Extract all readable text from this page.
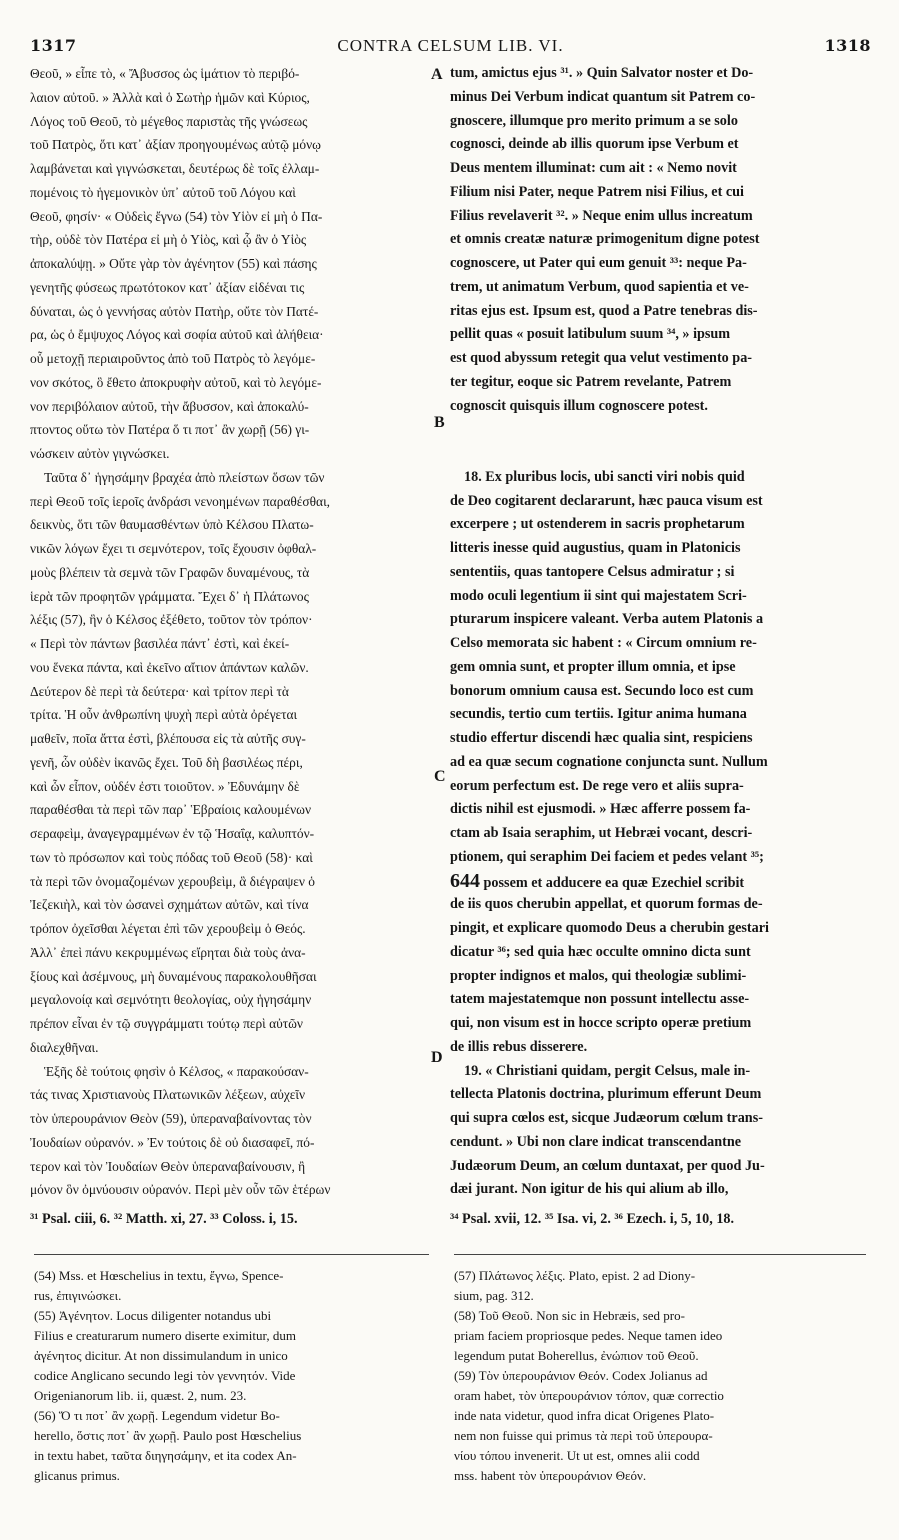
1317	CONTRA CELSUM LIB. VI.	1318
Θεοῦ, » εἶπε τὸ, « Ἄβυσσος ὡς ἱμάτιον τὸ περιβό-
λαιον αὐτοῦ. » Ἀλλὰ καὶ ὁ Σωτὴρ ἡμῶν καὶ Κύριος,
Λόγος τοῦ Θεοῦ, τὸ μέγεθος παριστὰς τῆς γνώσεως
τοῦ Πατρὸς, ὅτι κατ᾽ ἀξίαν προηγουμένως αὐτῷ μόνῳ
λαμβάνεται καὶ γιγνώσκεται, δευτέρως δὲ τοῖς ἐλλαμ-
πομένοις τὸ ἡγεμονικὸν ὑπ᾽ αὐτοῦ τοῦ Λόγου καὶ
Θεοῦ, φησίν· « Οὐδεὶς ἔγνω (54) τὸν Υἱὸν εἰ μὴ ὁ Πα-
τὴρ, οὐδὲ τὸν Πατέρα εἰ μὴ ὁ Υἱὸς, καὶ ᾧ ἂν ὁ Υἱὸς
ἀποκαλύψῃ. » Οὔτε γὰρ τὸν ἀγένητον (55) καὶ πάσης
γενητῆς φύσεως πρωτότοκον κατ᾽ ἀξίαν εἰδέναι τις
δύναται, ὡς ὁ γεννήσας αὐτὸν Πατὴρ, οὔτε τὸν Πατέ-
ρα, ὡς ὁ ἔμψυχος Λόγος καὶ σοφία αὐτοῦ καὶ ἀλήθεια·
οὗ μετοχῇ περιαιροῦντος ἀπὸ τοῦ Πατρὸς τὸ λεγόμε-
νον σκότος, ὃ ἔθετο ἀποκρυφὴν αὐτοῦ, καὶ τὸ λεγόμε-
νον περιβόλαιον αὐτοῦ, τὴν ἄβυσσον, καὶ ἀποκαλύ-
πτοντος οὕτω τὸν Πατέρα ὅ τι ποτ᾽ ἂν χωρῇ (56) γι-
νώσκειν αὐτὸν γιγνώσκει.
Ταῦτα δ᾽ ἡγησάμην βραχέα ἀπὸ πλείστων ὅσων τῶν
περὶ Θεοῦ τοῖς ἱεροῖς ἀνδράσι νενοημένων παραθέσθαι,
δεικνὺς, ὅτι τῶν θαυμασθέντων ὑπὸ Κέλσου Πλατω-
νικῶν λόγων ἔχει τι σεμνότερον, τοῖς ἔχουσιν ὀφθαλ-
μοὺς βλέπειν τὰ σεμνὰ τῶν Γραφῶν δυναμένους, τὰ
ἱερὰ τῶν προφητῶν γράμματα. Ἔχει δ᾽ ἡ Πλάτωνος
λέξις (57), ἣν ὁ Κέλσος ἐξέθετο, τοῦτον τὸν τρόπον·
« Περὶ τὸν πάντων βασιλέα πάντ᾽ ἐστὶ, καὶ ἐκεί-
νου ἕνεκα πάντα, καὶ ἐκεῖνο αἴτιον ἁπάντων καλῶν.
Δεύτερον δὲ περὶ τὰ δεύτερα· καὶ τρίτον περὶ τὰ
τρίτα. Ἡ οὖν ἀνθρωπίνη ψυχὴ περὶ αὐτὰ ὀρέγεται
μαθεῖν, ποῖα ἄττα ἐστὶ, βλέπουσα εἰς τὰ αὐτῆς συγ-
γενῆ, ὧν οὐδὲν ἱκανῶς ἔχει. Τοῦ δὴ βασιλέως πέρι,
καὶ ὧν εἶπον, οὐδέν ἐστι τοιοῦτον. » Ἐδυνάμην δὲ
παραθέσθαι τὰ περὶ τῶν παρ᾽ Ἑβραίοις καλουμένων
σεραφεὶμ, ἀναγεγραμμένων ἐν τῷ Ἡσαΐᾳ, καλυπτόν-
των τὸ πρόσωπον καὶ τοὺς πόδας τοῦ Θεοῦ (58)· καὶ
τὰ περὶ τῶν ὀνομαζομένων χερουβεὶμ, ἃ διέγραψεν ὁ
Ἰεζεκιὴλ, καὶ τὸν ὡσανεὶ σχημάτων αὐτῶν, καὶ τίνα
τρόπον ὀχεῖσθαι λέγεται ἐπὶ τῶν χερουβεὶμ ὁ Θεός.
Ἀλλ᾽ ἐπεὶ πάνυ κεκρυμμένως εἴρηται διὰ τοὺς ἀνα-
ξίους καὶ ἀσέμνους, μὴ δυναμένους παρακολουθῆσαι
μεγαλονοίᾳ καὶ σεμνότητι θεολογίας, οὐχ ἡγησάμην
πρέπον εἶναι ἐν τῷ συγγράμματι τούτῳ περὶ αὐτῶν
διαλεχθῆναι.
Ἑξῆς δὲ τούτοις φησὶν ὁ Κέλσος, « παρακούσαν-
τάς τινας Χριστιανοὺς Πλατωνικῶν λέξεων, αὐχεῖν
τὸν ὑπερουράνιον Θεὸν (59), ὑπεραναβαίνοντας τὸν
Ἰουδαίων οὐρανόν. » Ἐν τούτοις δὲ οὐ διασαφεῖ, πό-
τερον καὶ τὸν Ἰουδαίων Θεὸν ὑπεραναβαίνουσιν, ἢ
μόνον ὃν ὀμνύουσιν οὐρανόν. Περὶ μὲν οὖν τῶν ἑτέρων
tum, amictus ejus ³¹. » Quin Salvator noster et Do-
minus Dei Verbum indicat quantum sit Patrem co-
gnoscere, illumque pro merito primum a se solo
cognosci, deinde ab illis quorum ipse Verbum et
Deus mentem illuminat: cum ait : « Nemo novit
Filium nisi Pater, neque Patrem nisi Filius, et cui
Filius revelaverit ³². » Neque enim ullus increatum
et omnis creatæ naturæ primogenitum digne potest
cognoscere, ut Pater qui eum genuit ³³: neque Pa-
trem, ut animatum Verbum, quod sapientia et ve-
ritas ejus est. Ipsum est, quod a Patre tenebras dis-
pellit quas « posuit latibulum suum ³⁴, » ipsum
est quod abyssum retegit qua velut vestimento pa-
ter tegitur, eoque sic Patrem revelante, Patrem
cognoscit quisquis illum cognoscere potest.
18. Ex pluribus locis, ubi sancti viri nobis quid
de Deo cogitarent declararunt, hæc pauca visum est
excerpere ; ut ostenderem in sacris prophetarum
litteris inesse quid augustius, quam in Platonicis
sententiis, quas tantopere Celsus admiratur ; si
modo oculi legentium ii sint qui majestatem Scri-
pturarum inspicere valeant. Verba autem Platonis a
Celso memorata sic habent : « Circum omnium re-
gem omnia sunt, et propter illum omnia, et ipse
bonorum omnium causa est. Secundo loco est cum
secundis, tertio cum tertiis. Igitur anima humana
studio effertur discendi hæc qualia sint, respiciens
ad ea quæ secum cognatione conjuncta sunt. Nullum
eorum perfectum est. De rege vero et aliis supra-
dictis nihil est ejusmodi. » Hæc afferre possem fa-
ctam ab Isaia seraphim, ut Hebræi vocant, descri-
ptionem, qui seraphim Dei faciem et pedes velant ³⁵;
644 possem et adducere ea quæ Ezechiel scribit
de iis quos cherubin appellat, et quorum formas de-
pingit, et explicare quomodo Deus a cherubin gestari
dicatur ³⁶; sed quia hæc occulte omnino dicta sunt
propter indignos et malos, qui theologiæ sublimi-
tatem majestatemque non possunt intellectu asse-
qui, non visum est in hocce scripto operæ pretium
de illis rebus disserere.
19. « Christiani quidam, pergit Celsus, male in-
tellecta Platonis doctrina, plurimum efferunt Deum
qui supra cœlos est, sicque Judæorum cœlum trans-
cendunt. » Ubi non clare indicat transcendantne
Judæorum Deum, an cœlum duntaxat, per quod Ju-
dæi jurant. Non igitur de his qui alium ab illo,
A
B
C
D
³¹ Psal. ciii, 6. ³² Matth. xi, 27. ³³ Coloss. i, 15.	³⁴ Psal. xvii, 12. ³⁵ Isa. vi, 2. ³⁶ Ezech. i, 5, 10, 18.
(54) Mss. et Hœschelius in textu, ἔγνω, Spence-
rus, ἐπιγινώσκει.
(55) Ἀγένητον. Locus diligenter notandus ubi
Filius e creaturarum numero diserte eximitur, dum
ἀγένητος dicitur. At non dissimulandum in unico
codice Anglicano secundo legi τὸν γεννητόν. Vide
Origenianorum lib. ii, quæst. 2, num. 23.
(56) Ὅ τι ποτ᾽ ἂν χωρῇ. Legendum videtur Bo-
herello, ὅστις ποτ᾽ ἂν χωρῇ. Paulo post Hœschelius
in textu habet, ταῦτα διηγησάμην, et ita codex An-
glicanus primus.
(57) Πλάτωνος λέξις. Plato, epist. 2 ad Diony-
sium, pag. 312.
(58) Τοῦ Θεοῦ. Non sic in Hebræis, sed pro-
priam faciem propriosque pedes. Neque tamen ideo
legendum putat Boherellus, ἐνώπιον τοῦ Θεοῦ.
(59) Τὸν ὑπερουράνιον Θεόν. Codex Jolianus ad
oram habet, τὸν ὑπερουράνιον τόπον, quæ correctio
inde nata videtur, quod infra dicat Origenes Plato-
nem non fuisse qui primus τὰ περὶ τοῦ ὑπερουρα-
νίου τόπου invenerit. Ut ut est, omnes alii codd
mss. habent τὸν ὑπερουράνιον Θεόν.
